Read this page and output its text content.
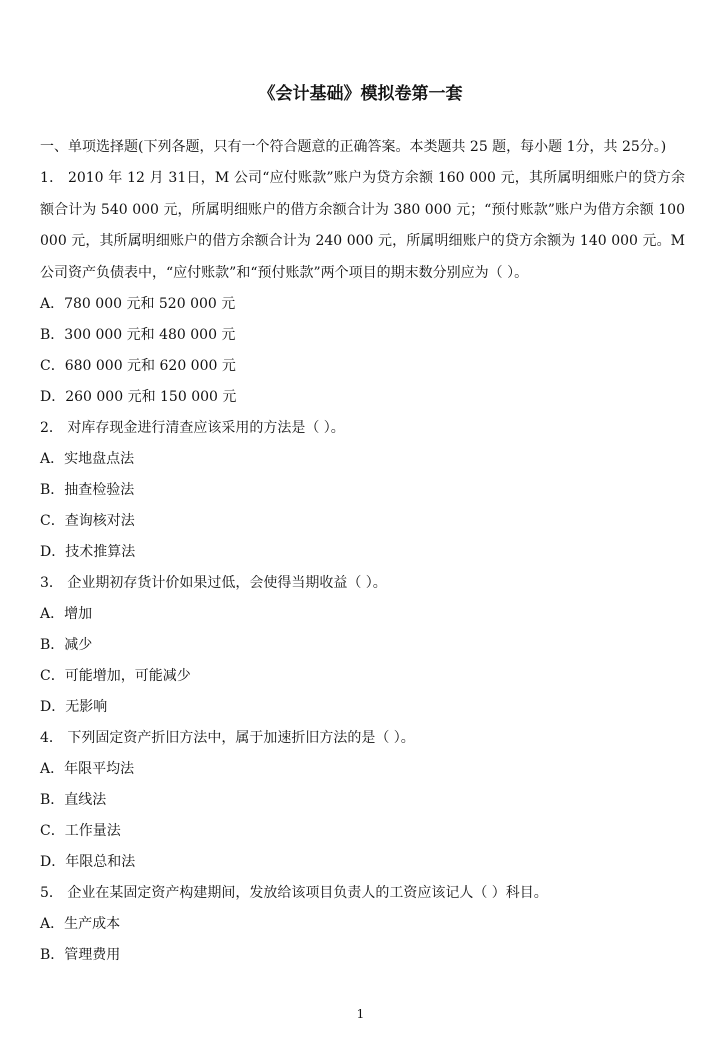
《会计基础》模拟卷第一套
一、单项选择题(下列各题，只有一个符合题意的正确答案。本类题共 25 题，每小题 1分，共 25分。)
1． 2010 年 12 月 31日，M 公司“应付账款”账户为贷方余额 160 000 元，其所属明细账户的贷方余额合计为 540 000 元，所属明细账户的借方余额合计为 380 000 元；“预付账款”账户为借方余额 100 000 元，其所属明细账户的借方余额合计为 240 000 元，所属明细账户的贷方余额为 140 000 元。M 公司资产负债表中，“应付账款”和“预付账款”两个项目的期末数分别应为（ ）。
A．780 000 元和 520 000 元
B．300 000 元和 480 000 元
C．680 000 元和 620 000 元
D．260 000 元和 150 000 元
2． 对库存现金进行清查应该采用的方法是（ ）。
A．实地盘点法
B．抽查检验法
C．查询核对法
D．技术推算法
3． 企业期初存货计价如果过低，会使得当期收益（ ）。
A．增加
B．减少
C．可能增加，可能减少
D．无影响
4． 下列固定资产折旧方法中，属于加速折旧方法的是（ ）。
A．年限平均法
B．直线法
C．工作量法
D．年限总和法
5． 企业在某固定资产构建期间，发放给该项目负责人的工资应该记人（ ）科目。
A．生产成本
B．管理费用
1
